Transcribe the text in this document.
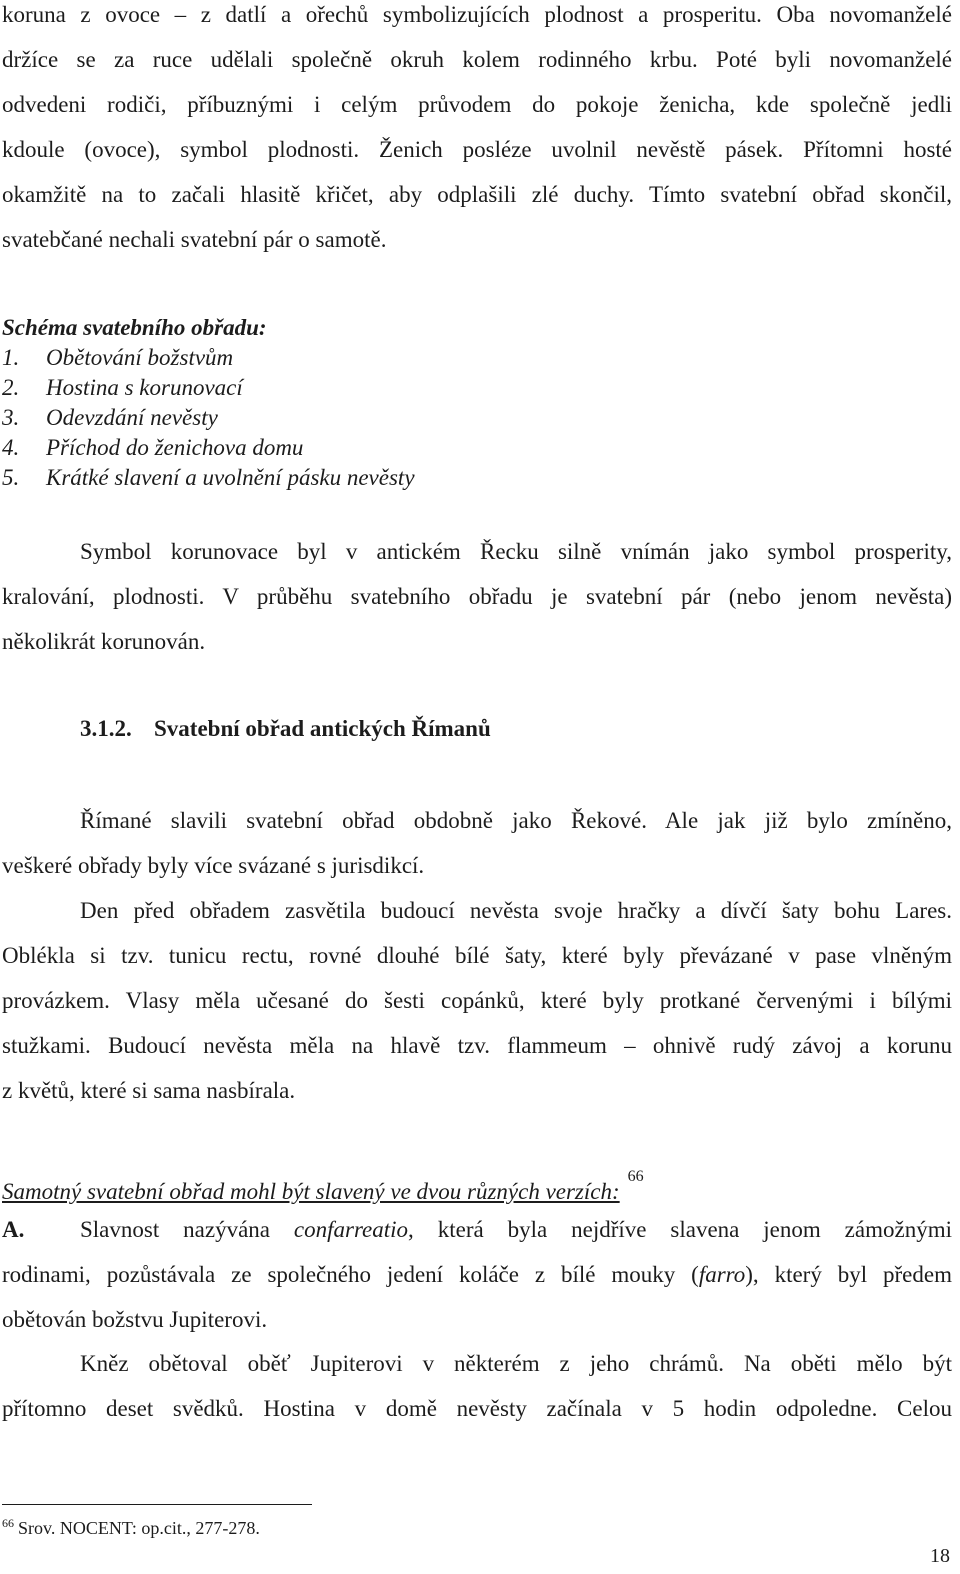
koruna z ovoce – z datlí a ořechů symbolizujících plodnost a prosperitu. Oba novomanželé
držíce se za ruce udělali společně okruh kolem rodinného krbu. Poté byli novomanželé
odvedeni rodiči, příbuznými i celým průvodem do pokoje ženicha, kde společně jedli
kdoule (ovoce), symbol plodnosti. Ženich posléze uvolnil nevěstě pásek. Přítomni hosté
okamžitě na to začali hlasitě křičet, aby odplašili zlé duchy. Tímto svatební obřad skončil,
svatebčané nechali svatební pár o samotě.

Schéma svatebního obřadu:
1. Obětování božstvům
2. Hostina s korunovací
3. Odevzdání nevěsty
4. Příchod do ženichova domu
5. Krátké slavení a uvolnění pásku nevěsty

Symbol korunovace byl v antickém Řecku silně vnímán jako symbol prosperity,
kralování, plodnosti. V průběhu svatebního obřadu je svatební pár (nebo jenom nevěsta)
několikrát korunován.

3.1.2. Svatební obřad antických Římanů

Římané slavili svatební obřad obdobně jako Řekové. Ale jak již bylo zmíněno,
veškeré obřady byly více svázané s jurisdikcí.

Den před obřadem zasvětila budoucí nevěsta svoje hračky a dívčí šaty bohu Lares.
Oblékla si tzv. tunicu rectu, rovné dlouhé bílé šaty, které byly převázané v pase vlněným
provázkem. Vlasy měla učesané do šesti copánků, které byly protkané červenými i bílými
stužkami. Budoucí nevěsta měla na hlavě tzv. flammeum – ohnivě rudý závoj a korunu
z květů, které si sama nasbírala.

Samotný svatební obřad mohl být slavený ve dvou různých verzích:$^{66}$

A. Slavnost nazývána confarreatio, která byla nejdříve slavena jenom zámožnými
rodinami, pozůstávala ze společného jedení koláče z bílé mouky (farro), který byl předem
obětován božstvu Jupiterovi.

Kněz obětoval oběť Jupiterovi v některém z jeho chrámů. Na oběti mělo být
přítomno deset svědků. Hostina v domě nevěsty začínala v 5 hodin odpoledne. Celou

$^{66}$ Srov. NOCENT: op.cit., 277-278.
18
